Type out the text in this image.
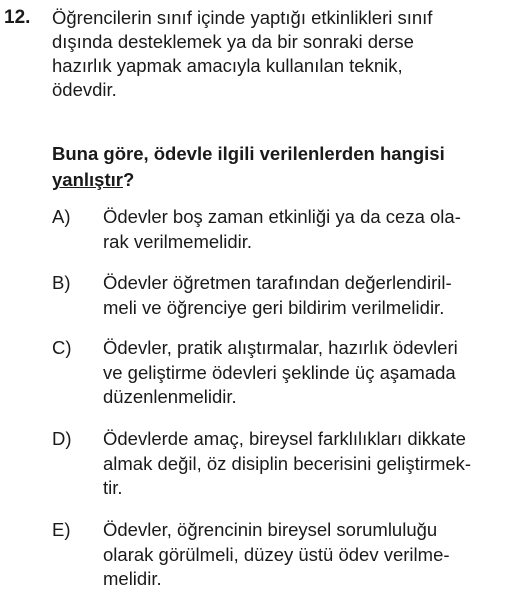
12. Öğrencilerin sınıf içinde yaptığı etkinlikleri sınıf
dışında desteklemek ya da bir sonraki derse
hazırlık yapmak amacıyla kullanılan teknik,
ödevdir.
Buna göre, ödevle ilgili verilenlerden hangisi
yanlıştır?
A) Ödevler boş zaman etkinliği ya da ceza ola-
rak verilmemelidir.
B) Ödevler öğretmen tarafından değerlendiril-
meli ve öğrenciye geri bildirim verilmelidir.
C) Ödevler, pratik alıştırmalar, hazırlık ödevleri
ve geliştirme ödevleri şeklinde üç aşamada
düzenlenmelidir.
D) Ödevlerde amaç, bireysel farklılıkları dikkate
almak değil, öz disiplin becerisini geliştirmek-
tir.
E) Ödevler, öğrencinin bireysel sorumluluğu
olarak görülmeli, düzey üstü ödev verilme-
melidir.
